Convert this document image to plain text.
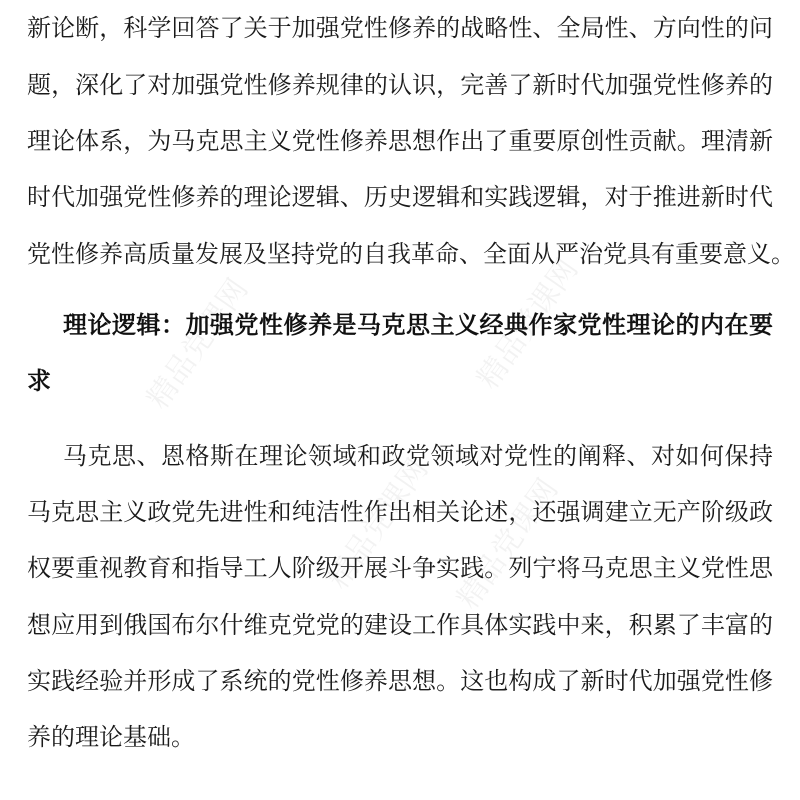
精品党课网	精品党课网
精品党课网 精品党课网
新论断，科学回答了关于加强党性修养的战略性、全局性、方向性的问
题，深化了对加强党性修养规律的认识，完善了新时代加强党性修养的
理论体系，为马克思主义党性修养思想作出了重要原创性贡献。理清新
时代加强党性修养的理论逻辑、历史逻辑和实践逻辑，对于推进新时代
党性修养高质量发展及坚持党的自我革命、全面从严治党具有重要意义。
理论逻辑：加强党性修养是马克思主义经典作家党性理论的内在要
求
马克思、恩格斯在理论领域和政党领域对党性的阐释、对如何保持
马克思主义政党先进性和纯洁性作出相关论述，还强调建立无产阶级政
权要重视教育和指导工人阶级开展斗争实践。列宁将马克思主义党性思
想应用到俄国布尔什维克党党的建设工作具体实践中来，积累了丰富的
实践经验并形成了系统的党性修养思想。这也构成了新时代加强党性修
养的理论基础。
